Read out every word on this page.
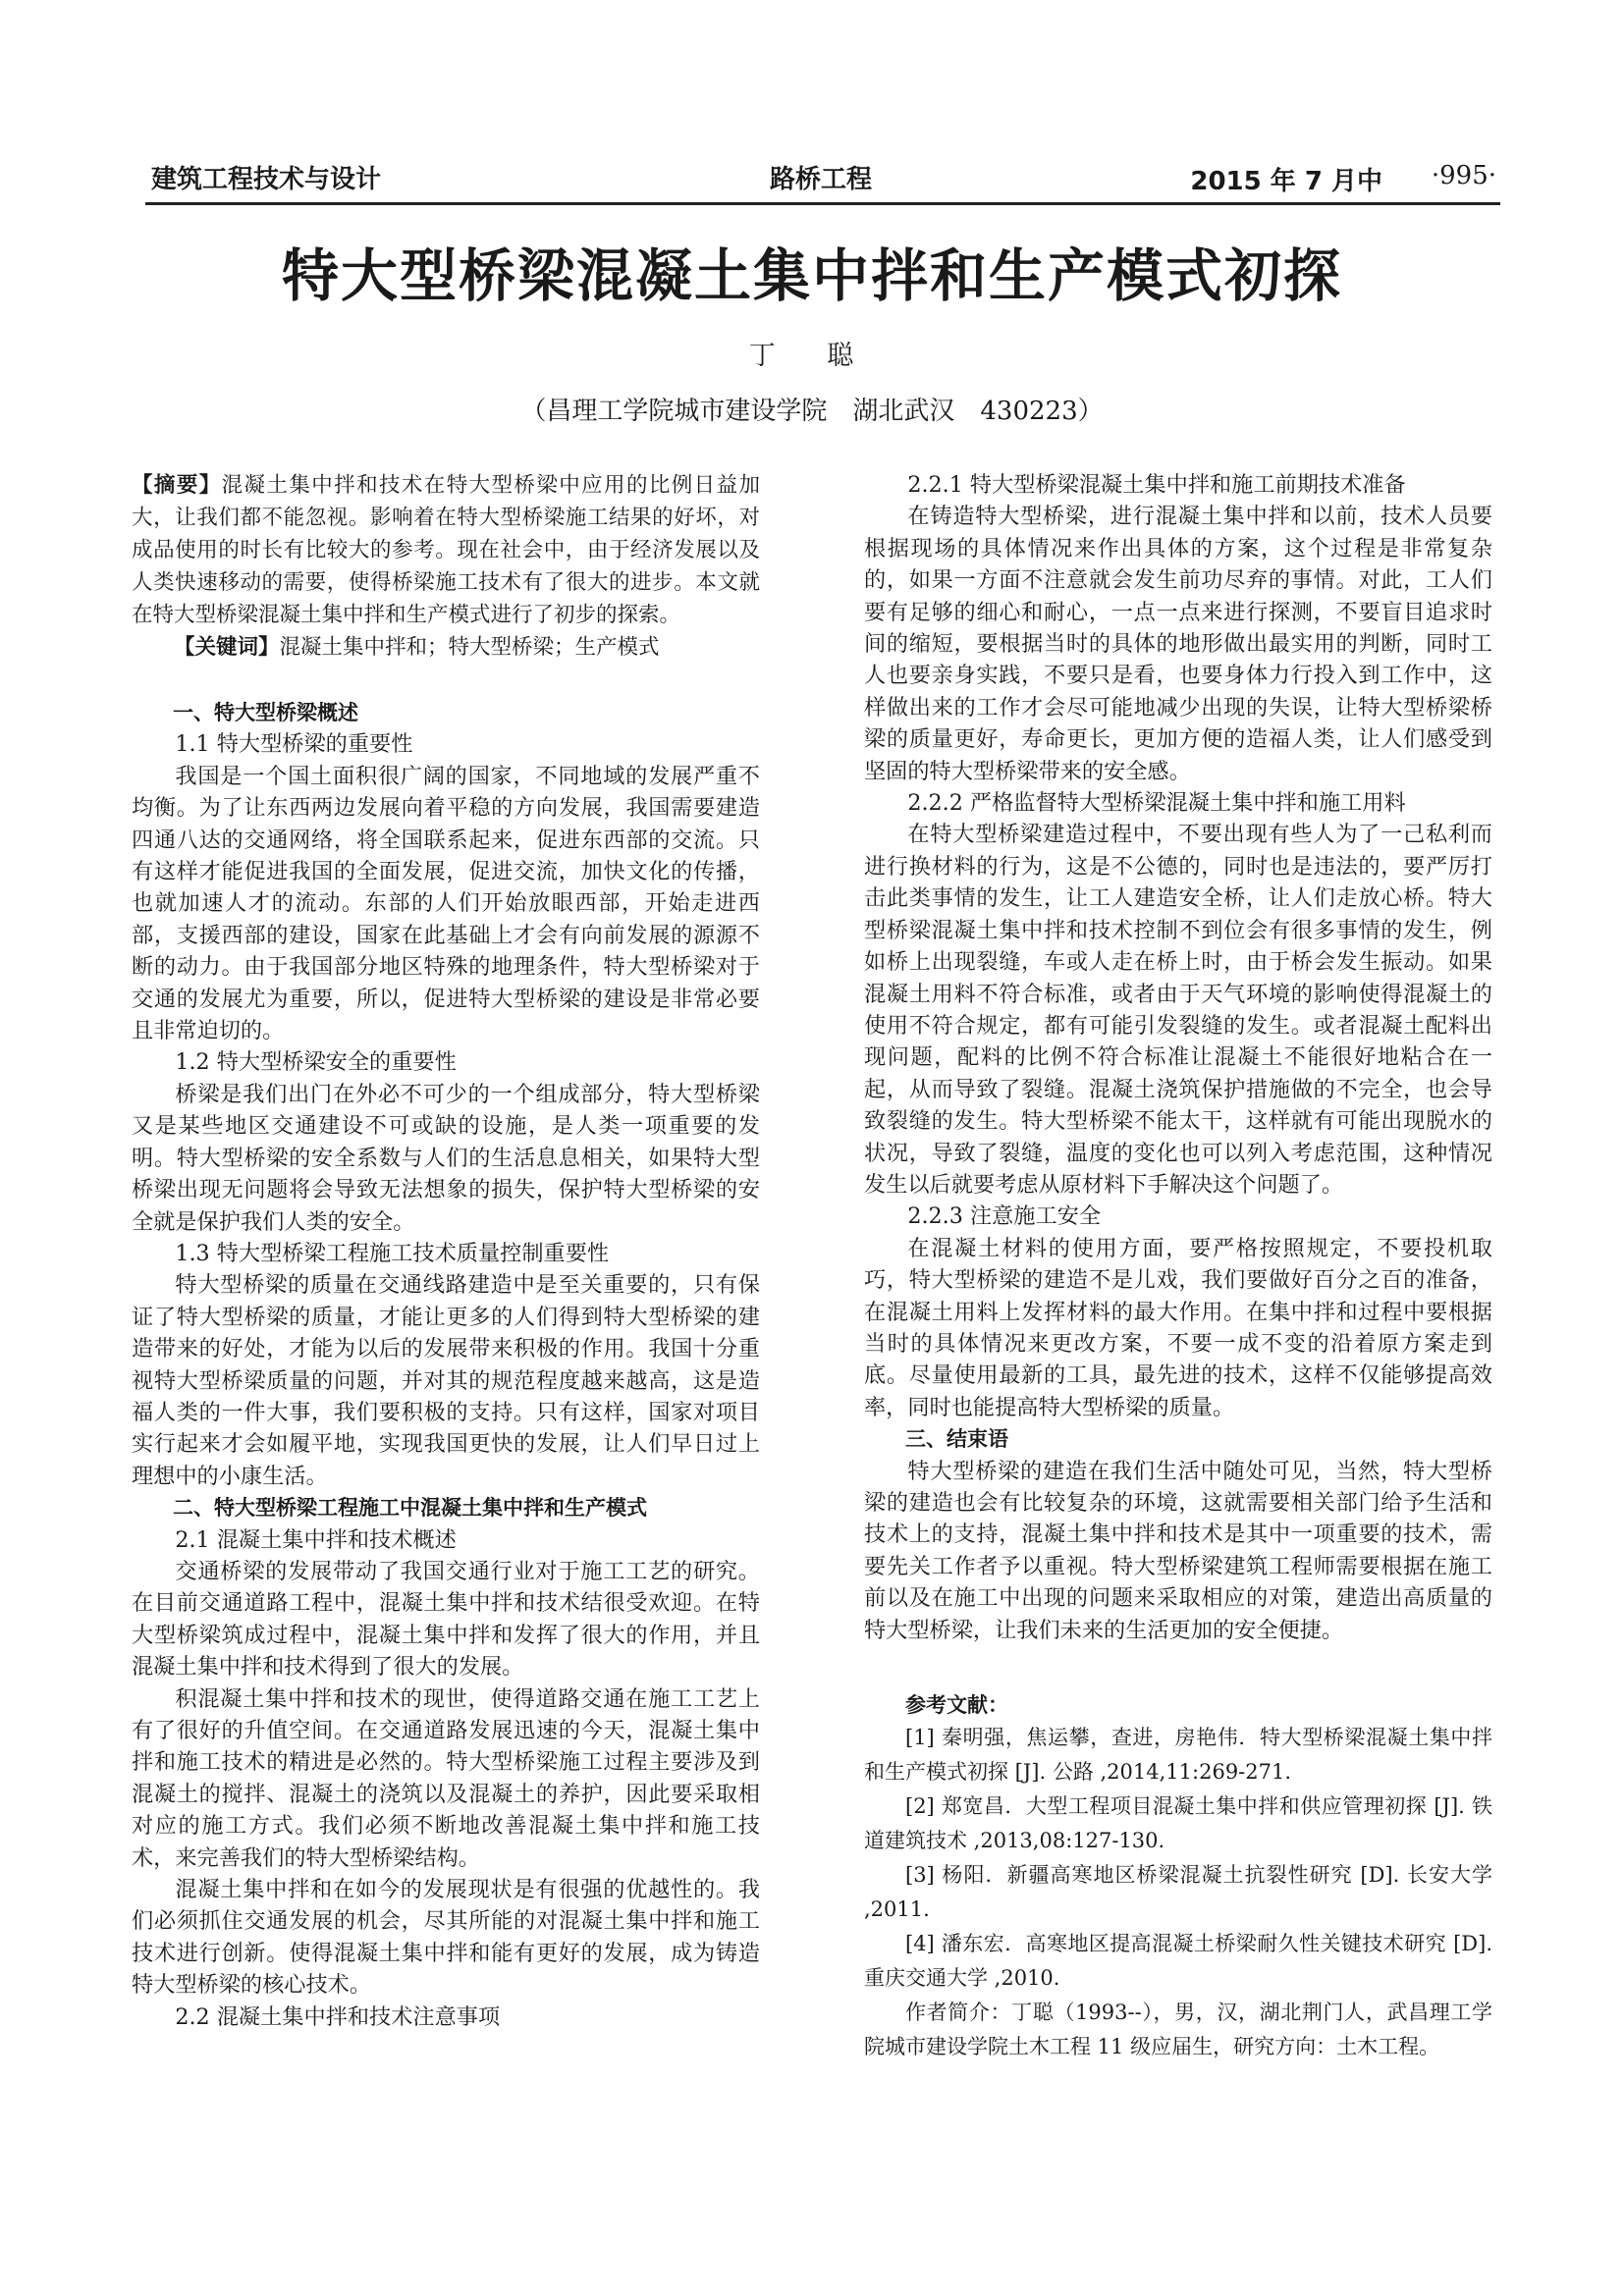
建筑工程技术与设计	路桥工程	2015 年 7 月中 ·995·
特大型桥梁混凝土集中拌和生产模式初探
丁 聪
（昌理工学院城市建设学院　湖北武汉　430223）

【摘要】混凝土集中拌和技术在特大型桥梁中应用的比例日益加大，让我们都不能忽视。影响着在特大型桥梁施工结果的好坏，对成品使用的时长有比较大的参考。现在社会中，由于经济发展以及人类快速移动的需要，使得桥梁施工技术有了很大的进步。本文就在特大型桥梁混凝土集中拌和生产模式进行了初步的探索。

【关键词】混凝土集中拌和；特大型桥梁；生产模式

一、特大型桥梁概述
1.1 特大型桥梁的重要性

我国是一个国土面积很广阔的国家，不同地域的发展严重不均衡。为了让东西两边发展向着平稳的方向发展，我国需要建造四通八达的交通网络，将全国联系起来，促进东西部的交流。只有这样才能促进我国的全面发展，促进交流，加快文化的传播，也就加速人才的流动。东部的人们开始放眼西部，开始走进西部，支援西部的建设，国家在此基础上才会有向前发展的源源不断的动力。由于我国部分地区特殊的地理条件，特大型桥梁对于交通的发展尤为重要，所以，促进特大型桥梁的建设是非常必要且非常迫切的。

1.2 特大型桥梁安全的重要性

桥梁是我们出门在外必不可少的一个组成部分，特大型桥梁又是某些地区交通建设不可或缺的设施，是人类一项重要的发明。特大型桥梁的安全系数与人们的生活息息相关，如果特大型桥梁出现无问题将会导致无法想象的损失，保护特大型桥梁的安全就是保护我们人类的安全。

1.3 特大型桥梁工程施工技术质量控制重要性

特大型桥梁的质量在交通线路建造中是至关重要的，只有保证了特大型桥梁的质量，才能让更多的人们得到特大型桥梁的建造带来的好处，才能为以后的发展带来积极的作用。我国十分重视特大型桥梁质量的问题，并对其的规范程度越来越高，这是造福人类的一件大事，我们要积极的支持。只有这样，国家对项目实行起来才会如履平地，实现我国更快的发展，让人们早日过上理想中的小康生活。

二、特大型桥梁工程施工中混凝土集中拌和生产模式
2.1 混凝土集中拌和技术概述

交通桥梁的发展带动了我国交通行业对于施工工艺的研究。在目前交通道路工程中，混凝土集中拌和技术结很受欢迎。在特大型桥梁筑成过程中，混凝土集中拌和发挥了很大的作用，并且混凝土集中拌和技术得到了很大的发展。

积混凝土集中拌和技术的现世，使得道路交通在施工工艺上有了很好的升值空间。在交通道路发展迅速的今天，混凝土集中拌和施工技术的精进是必然的。特大型桥梁施工过程主要涉及到混凝土的搅拌、混凝土的浇筑以及混凝土的养护，因此要采取相对应的施工方式。我们必须不断地改善混凝土集中拌和施工技术，来完善我们的特大型桥梁结构。

混凝土集中拌和在如今的发展现状是有很强的优越性的。我们必须抓住交通发展的机会，尽其所能的对混凝土集中拌和施工技术进行创新。使得混凝土集中拌和能有更好的发展，成为铸造特大型桥梁的核心技术。

2.2 混凝土集中拌和技术注意事项
2.2.1 特大型桥梁混凝土集中拌和施工前期技术准备

在铸造特大型桥梁，进行混凝土集中拌和以前，技术人员要根据现场的具体情况来作出具体的方案，这个过程是非常复杂的，如果一方面不注意就会发生前功尽弃的事情。对此，工人们要有足够的细心和耐心，一点一点来进行探测，不要盲目追求时间的缩短，要根据当时的具体的地形做出最实用的判断，同时工人也要亲身实践，不要只是看，也要身体力行投入到工作中，这样做出来的工作才会尽可能地减少出现的失误，让特大型桥梁桥梁的质量更好，寿命更长，更加方便的造福人类，让人们感受到坚固的特大型桥梁带来的安全感。

2.2.2 严格监督特大型桥梁混凝土集中拌和施工用料

在特大型桥梁建造过程中，不要出现有些人为了一己私利而进行换材料的行为，这是不公德的，同时也是违法的，要严厉打击此类事情的发生，让工人建造安全桥，让人们走放心桥。特大型桥梁混凝土集中拌和技术控制不到位会有很多事情的发生，例如桥上出现裂缝，车或人走在桥上时，由于桥会发生振动。如果混凝土用料不符合标准，或者由于天气环境的影响使得混凝土的使用不符合规定，都有可能引发裂缝的发生。或者混凝土配料出现问题，配料的比例不符合标准让混凝土不能很好地粘合在一起，从而导致了裂缝。混凝土浇筑保护措施做的不完全，也会导致裂缝的发生。特大型桥梁不能太干，这样就有可能出现脱水的状况，导致了裂缝，温度的变化也可以列入考虑范围，这种情况发生以后就要考虑从原材料下手解决这个问题了。

2.2.3 注意施工安全

在混凝土材料的使用方面，要严格按照规定，不要投机取巧，特大型桥梁的建造不是儿戏，我们要做好百分之百的准备，在混凝土用料上发挥材料的最大作用。在集中拌和过程中要根据当时的具体情况来更改方案，不要一成不变的沿着原方案走到底。尽量使用最新的工具，最先进的技术，这样不仅能够提高效率，同时也能提高特大型桥梁的质量。

三、结束语

特大型桥梁的建造在我们生活中随处可见，当然，特大型桥梁的建造也会有比较复杂的环境，这就需要相关部门给予生活和技术上的支持，混凝土集中拌和技术是其中一项重要的技术，需要先关工作者予以重视。特大型桥梁建筑工程师需要根据在施工前以及在施工中出现的问题来采取相应的对策，建造出高质量的特大型桥梁，让我们未来的生活更加的安全便捷。

参考文献：

[1] 秦明强，焦运攀，查进，房艳伟．特大型桥梁混凝土集中拌和生产模式初探 [J]. 公路 ,2014,11:269-271.

[2] 郑宽昌．大型工程项目混凝土集中拌和供应管理初探 [J]. 铁道建筑技术 ,2013,08:127-130.

[3] 杨阳．新疆高寒地区桥梁混凝土抗裂性研究 [D]. 长安大学 ,2011.

[4] 潘东宏．高寒地区提高混凝土桥梁耐久性关键技术研究 [D]. 重庆交通大学 ,2010.

作者简介：丁聪（1993--），男，汉，湖北荆门人，武昌理工学院城市建设学院土木工程 11 级应届生，研究方向：土木工程。
